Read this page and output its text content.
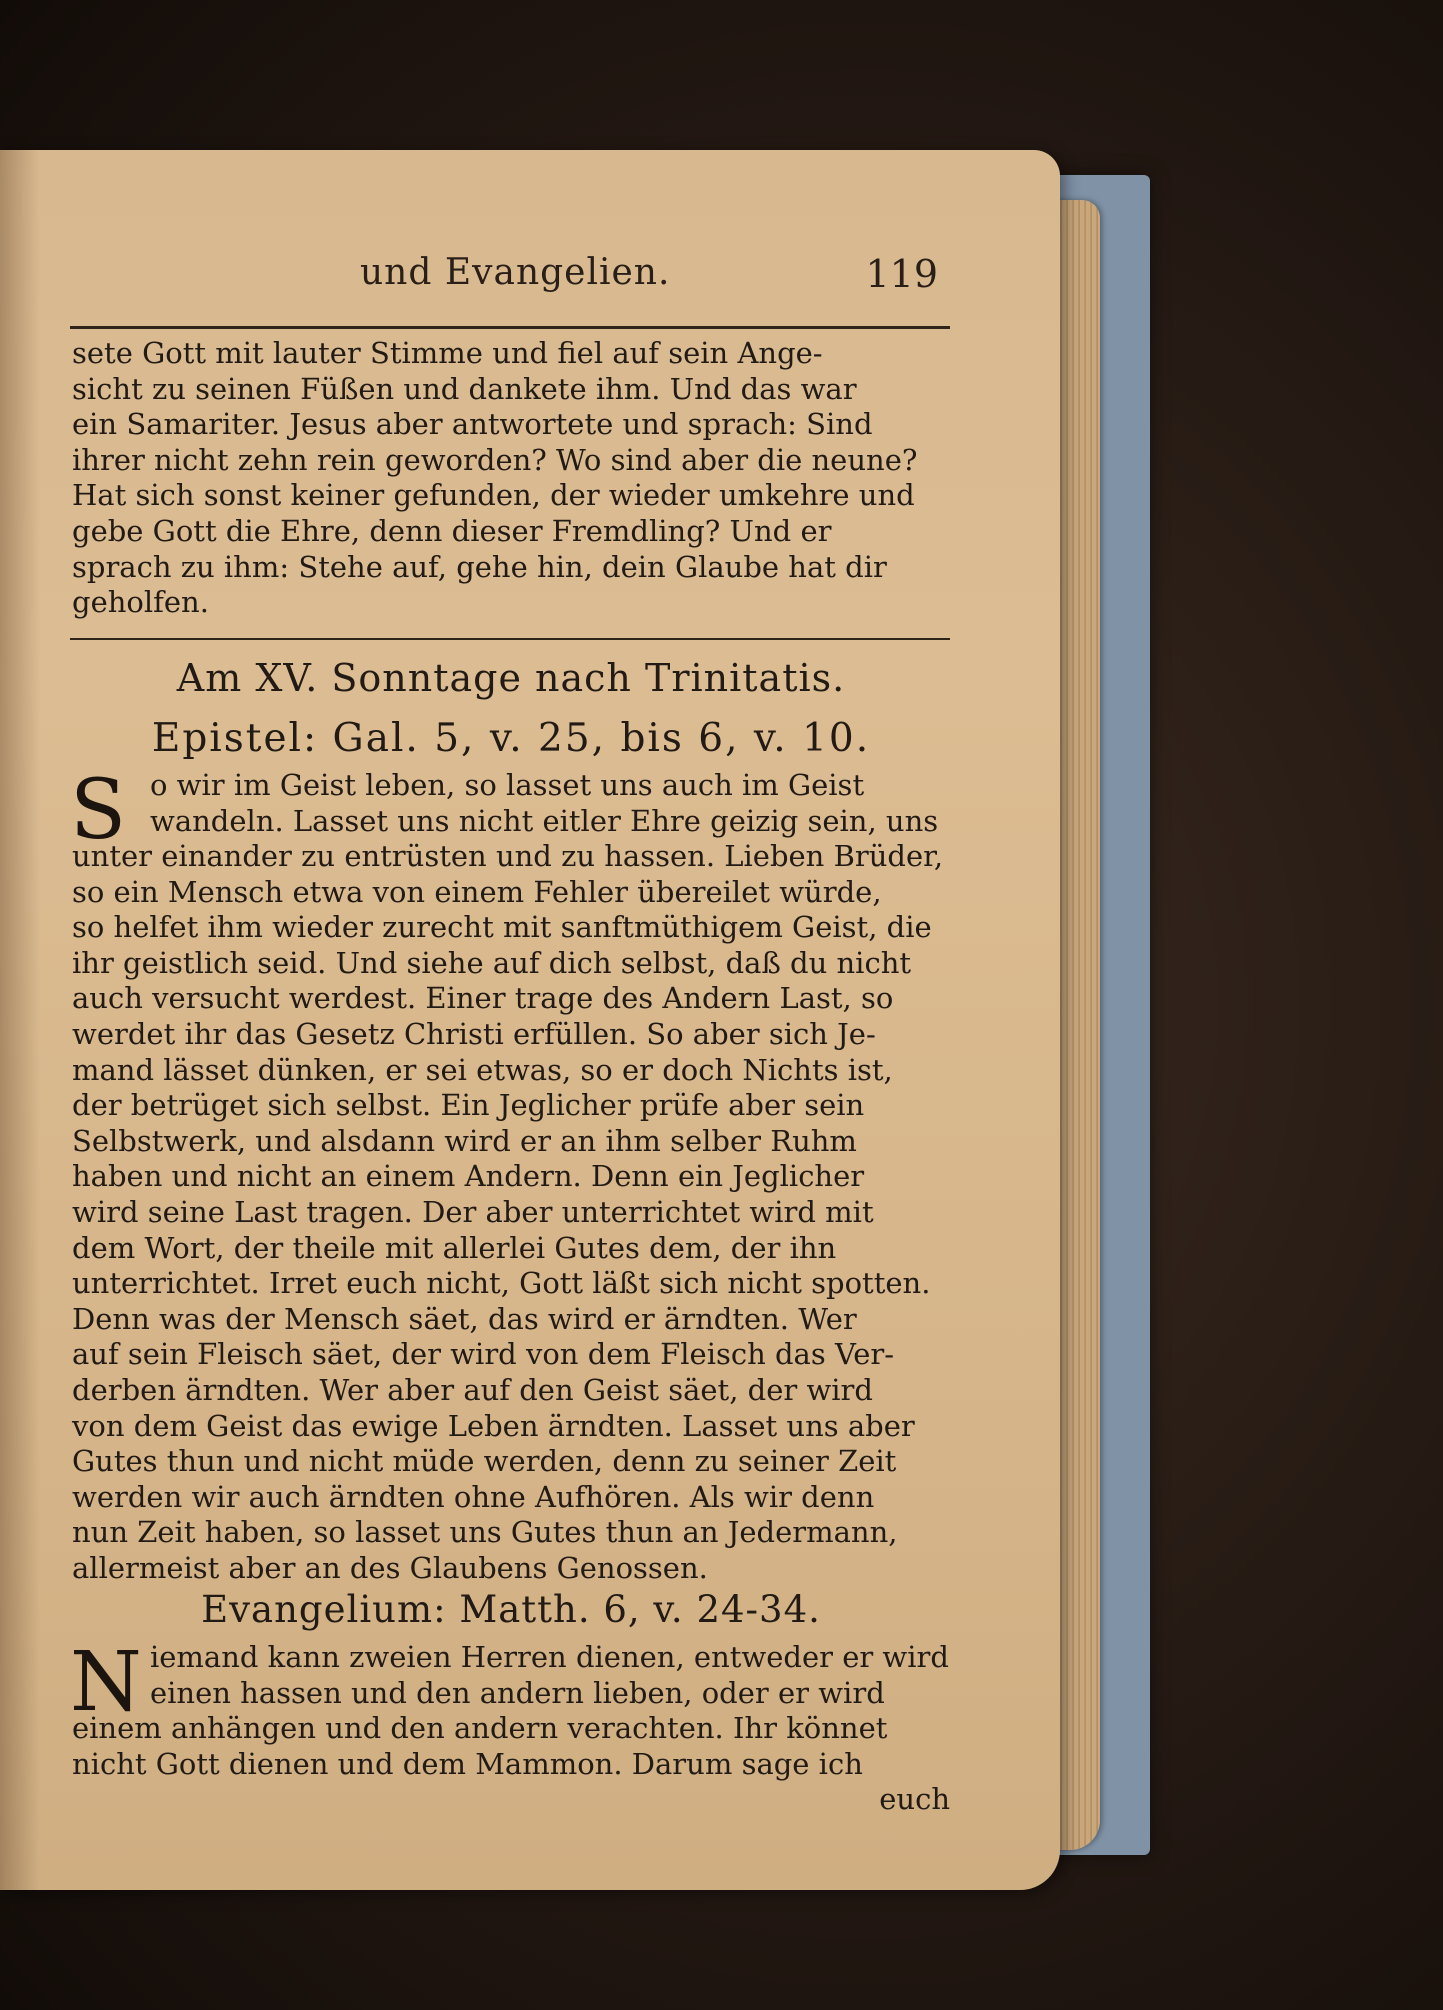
und Evangelien.	119
sete Gott mit lauter Stimme und fiel auf sein Ange-
sicht zu seinen Füßen und dankete ihm. Und das war
ein Samariter. Jesus aber antwortete und sprach: Sind
ihrer nicht zehn rein geworden? Wo sind aber die neune?
Hat sich sonst keiner gefunden, der wieder umkehre und
gebe Gott die Ehre, denn dieser Fremdling? Und er
sprach zu ihm: Stehe auf, gehe hin, dein Glaube hat dir
geholfen.
Am XV. Sonntage nach Trinitatis.
Epistel: Gal. 5, v. 25, bis 6, v. 10.
S o wir im Geist leben, so lasset uns auch im Geist
wandeln. Lasset uns nicht eitler Ehre geizig sein, uns
unter einander zu entrüsten und zu hassen. Lieben Brüder,
so ein Mensch etwa von einem Fehler übereilet würde,
so helfet ihm wieder zurecht mit sanftmüthigem Geist, die
ihr geistlich seid. Und siehe auf dich selbst, daß du nicht
auch versucht werdest. Einer trage des Andern Last, so
werdet ihr das Gesetz Christi erfüllen. So aber sich Je-
mand lässet dünken, er sei etwas, so er doch Nichts ist,
der betrüget sich selbst. Ein Jeglicher prüfe aber sein
Selbstwerk, und alsdann wird er an ihm selber Ruhm
haben und nicht an einem Andern. Denn ein Jeglicher
wird seine Last tragen. Der aber unterrichtet wird mit
dem Wort, der theile mit allerlei Gutes dem, der ihn
unterrichtet. Irret euch nicht, Gott läßt sich nicht spotten.
Denn was der Mensch säet, das wird er ärndten. Wer
auf sein Fleisch säet, der wird von dem Fleisch das Ver-
derben ärndten. Wer aber auf den Geist säet, der wird
von dem Geist das ewige Leben ärndten. Lasset uns aber
Gutes thun und nicht müde werden, denn zu seiner Zeit
werden wir auch ärndten ohne Aufhören. Als wir denn
nun Zeit haben, so lasset uns Gutes thun an Jedermann,
allermeist aber an des Glaubens Genossen.
Evangelium: Matth. 6, v. 24-34.
N iemand kann zweien Herren dienen, entweder er wird
einen hassen und den andern lieben, oder er wird
einem anhängen und den andern verachten. Ihr könnet
nicht Gott dienen und dem Mammon. Darum sage ich
euch
